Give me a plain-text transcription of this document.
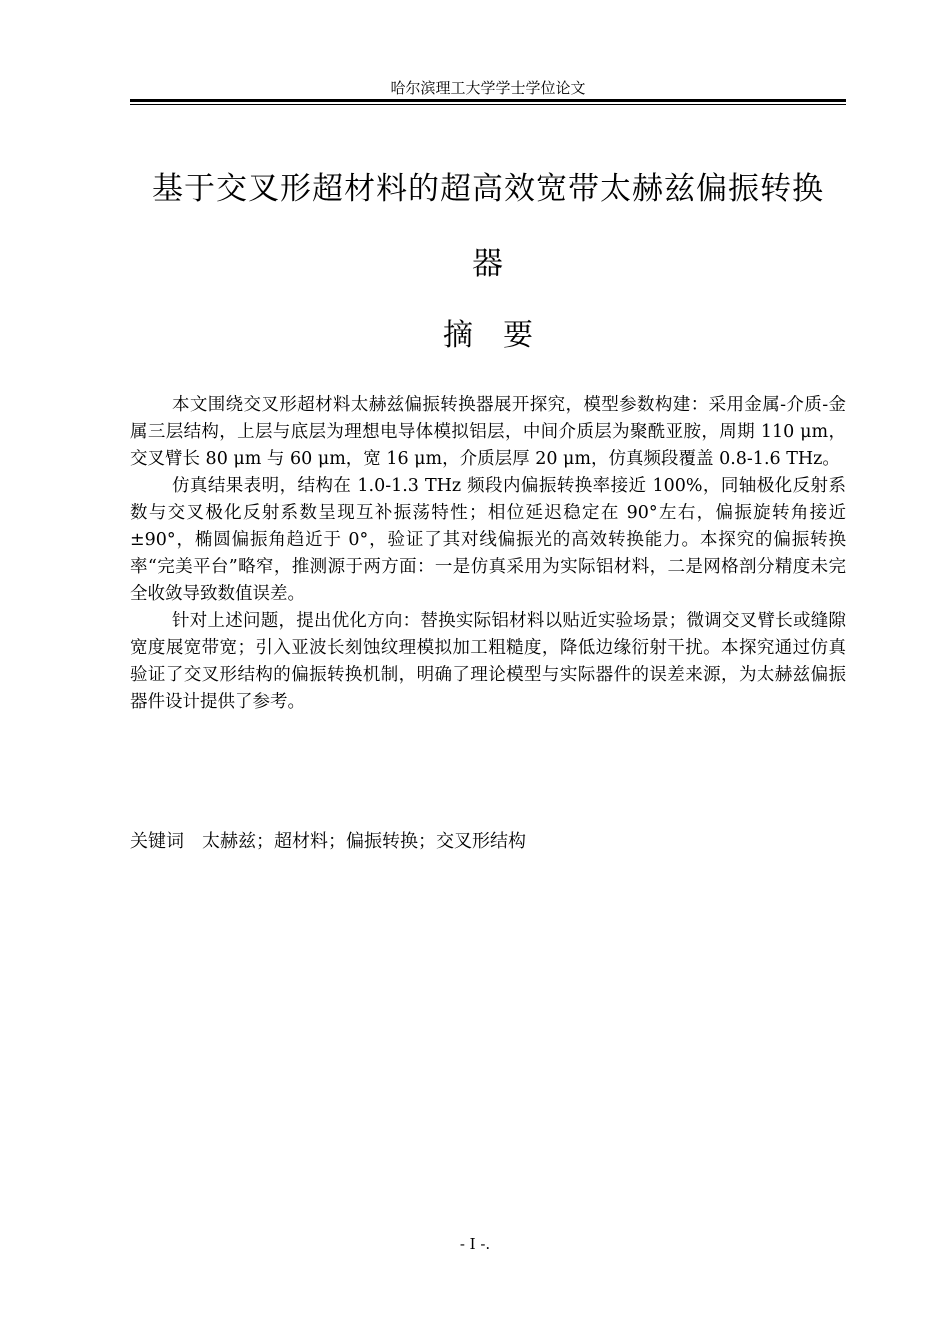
哈尔滨理工大学学士学位论文
基于交叉形超材料的超高效宽带太赫兹偏振转换
器
摘　要

本文围绕交叉形超材料太赫兹偏振转换器展开探究，模型参数构建：采用金属-介质-金属三层结构，上层与底层为理想电导体模拟铝层，中间介质层为聚酰亚胺，周期 110 μm，交叉臂长 80 μm 与 60 μm，宽 16 μm，介质层厚 20 μm，仿真频段覆盖 0.8-1.6 THz。

仿真结果表明，结构在 1.0-1.3 THz 频段内偏振转换率接近 100%，同轴极化反射系数与交叉极化反射系数呈现互补振荡特性；相位延迟稳定在 90°左右，偏振旋转角接近±90°，椭圆偏振角趋近于 0°，验证了其对线偏振光的高效转换能力。本探究的偏振转换率“完美平台”略窄，推测源于两方面：一是仿真采用为实际铝材料，二是网格剖分精度未完全收敛导致数值误差。

针对上述问题，提出优化方向：替换实际铝材料以贴近实验场景；微调交叉臂长或缝隙宽度展宽带宽；引入亚波长刻蚀纹理模拟加工粗糙度，降低边缘衍射干扰。本探究通过仿真验证了交叉形结构的偏振转换机制，明确了理论模型与实际器件的误差来源，为太赫兹偏振器件设计提供了参考。

关键词 太赫兹；超材料；偏振转换；交叉形结构
- I -.
